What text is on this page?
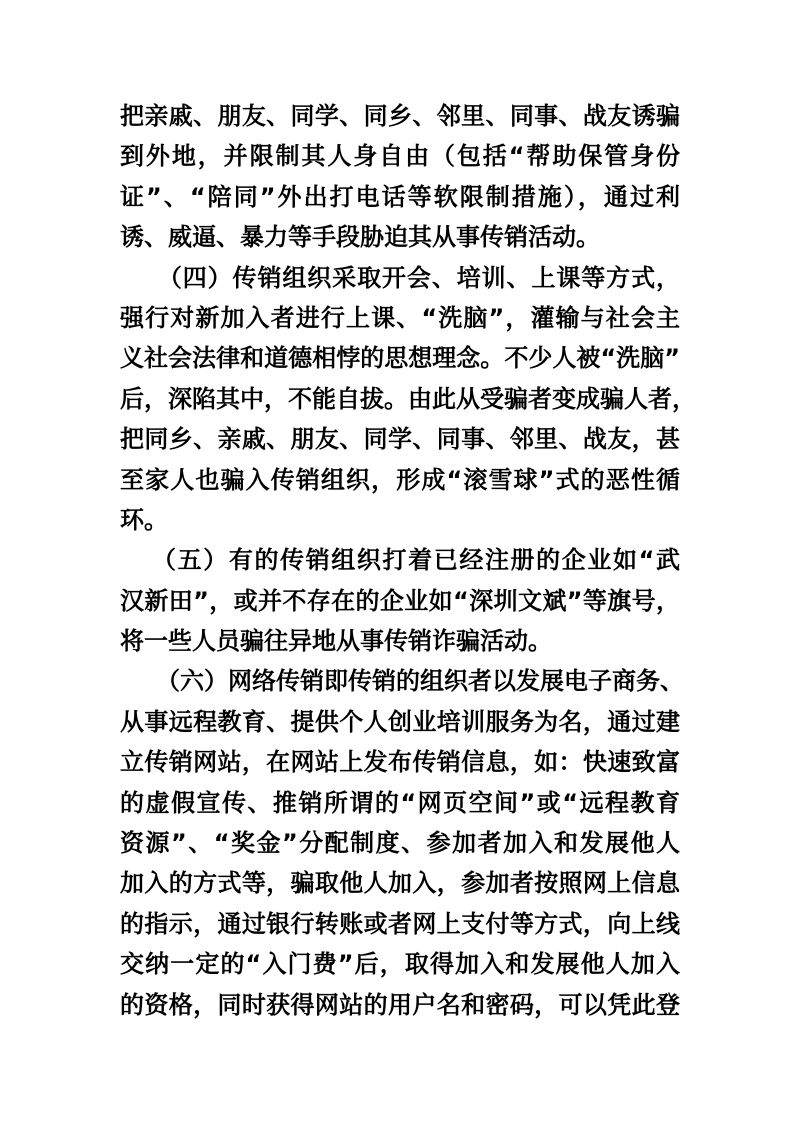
把亲戚、朋友、同学、同乡、邻里、同事、战友诱骗
到外地，并限制其人身自由（包括“帮助保管身份
证”、“陪同”外出打电话等软限制措施），通过利
诱、威逼、暴力等手段胁迫其从事传销活动。
　　（四）传销组织采取开会、培训、上课等方式，
强行对新加入者进行上课、“洗脑”，灌输与社会主
义社会法律和道德相悖的思想理念。不少人被“洗脑”
后，深陷其中，不能自拔。由此从受骗者变成骗人者，
把同乡、亲戚、朋友、同学、同事、邻里、战友，甚
至家人也骗入传销组织，形成“滚雪球”式的恶性循
环。
（五）有的传销组织打着已经注册的企业如“武
汉新田”，或并不存在的企业如“深圳文斌”等旗号，
将一些人员骗往异地从事传销诈骗活动。
　　（六）网络传销即传销的组织者以发展电子商务、
从事远程教育、提供个人创业培训服务为名，通过建
立传销网站，在网站上发布传销信息，如：快速致富
的虚假宣传、推销所谓的“网页空间”或“远程教育
资源”、“奖金”分配制度、参加者加入和发展他人
加入的方式等，骗取他人加入，参加者按照网上信息
的指示，通过银行转账或者网上支付等方式，向上线
交纳一定的“入门费”后，取得加入和发展他人加入
的资格，同时获得网站的用户名和密码，可以凭此登
